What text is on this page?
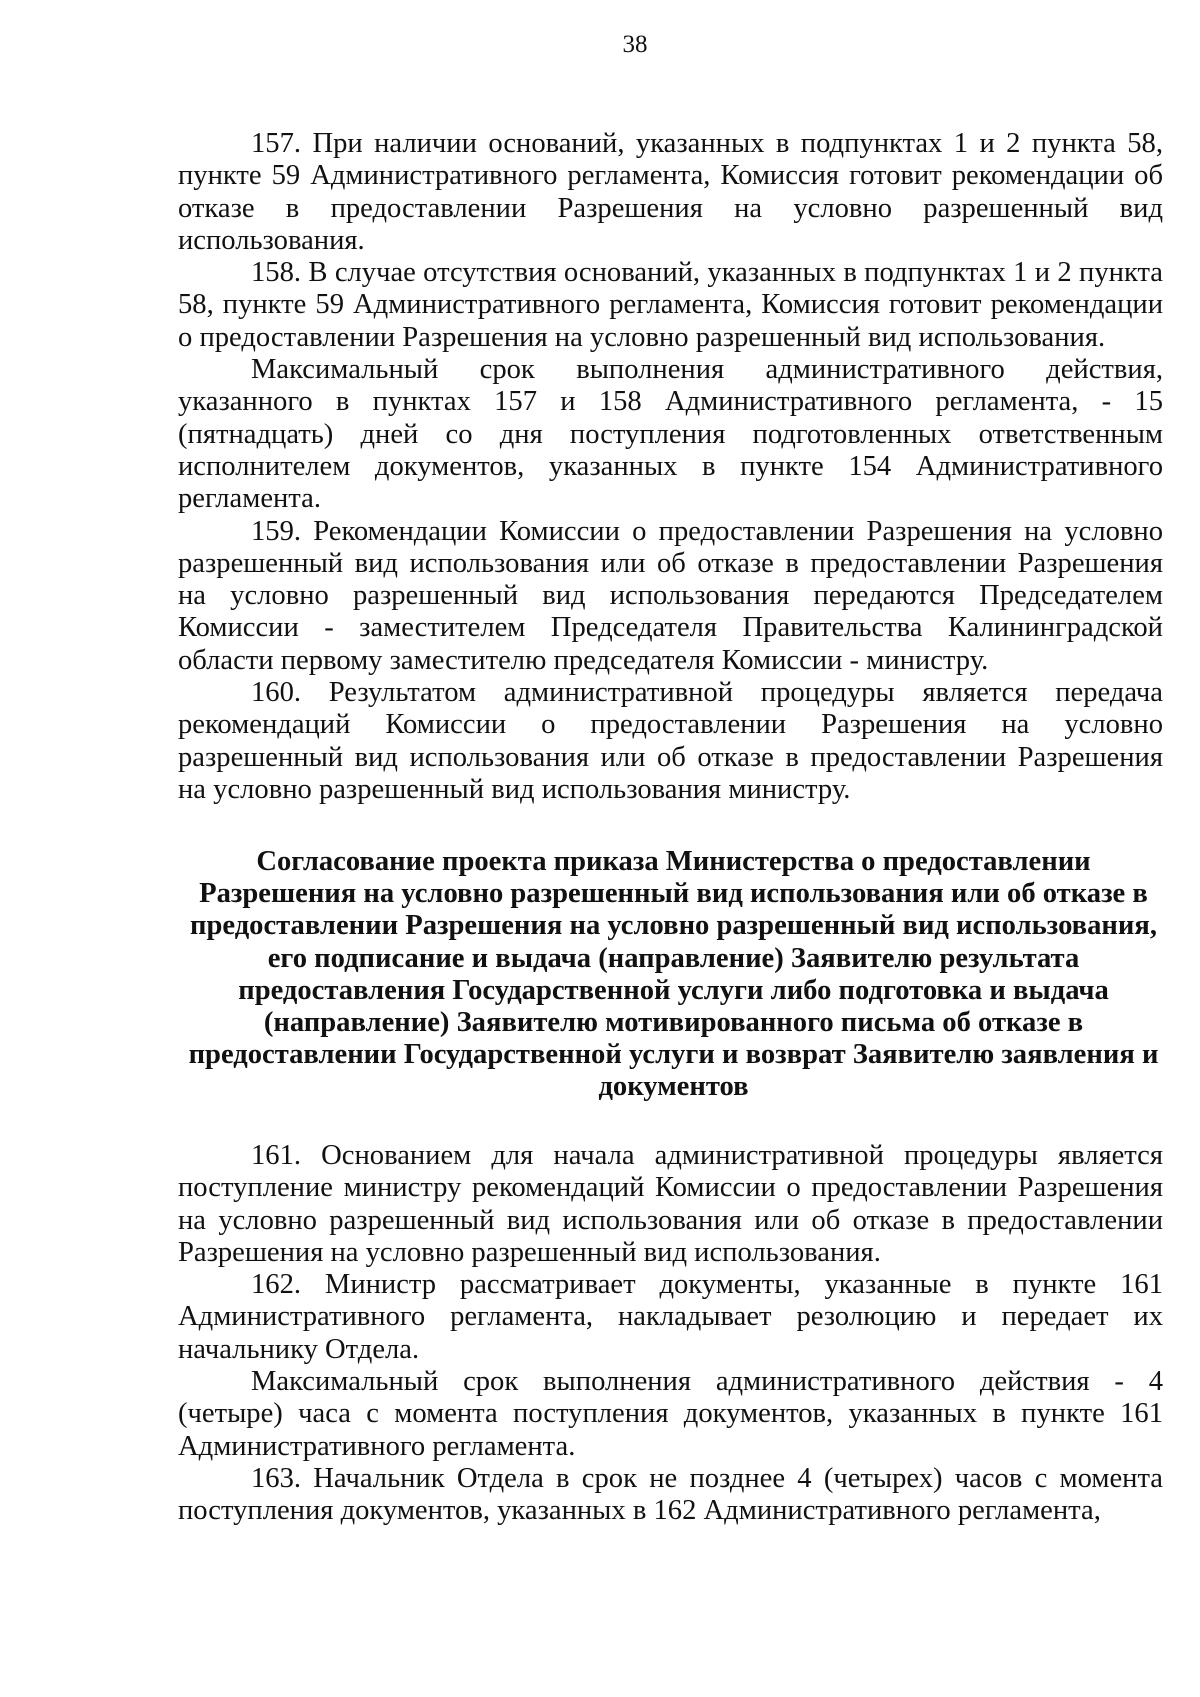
38

157. При наличии оснований, указанных в подпунктах 1 и 2 пункта 58, пункте 59 Административного регламента, Комиссия готовит рекомендации об отказе в предоставлении Разрешения на условно разрешенный вид использования.

158. В случае отсутствия оснований, указанных в подпунктах 1 и 2 пункта 58, пункте 59 Административного регламента, Комиссия готовит рекомендации о предоставлении Разрешения на условно разрешенный вид использования.

Максимальный срок выполнения административного действия, указанного в пунктах 157 и 158 Административного регламента, - 15 (пятнадцать) дней со дня поступления подготовленных ответственным исполнителем документов, указанных в пункте 154 Административного регламента.

159. Рекомендации Комиссии о предоставлении Разрешения на условно разрешенный вид использования или об отказе в предоставлении Разрешения на условно разрешенный вид использования передаются Председателем Комиссии - заместителем Председателя Правительства Калининградской области первому заместителю председателя Комиссии - министру.

160. Результатом административной процедуры является передача рекомендаций Комиссии о предоставлении Разрешения на условно разрешенный вид использования или об отказе в предоставлении Разрешения на условно разрешенный вид использования министру.

Согласование проекта приказа Министерства о предоставлении Разрешения на условно разрешенный вид использования или об отказе в предоставлении Разрешения на условно разрешенный вид использования, его подписание и выдача (направление) Заявителю результата предоставления Государственной услуги либо подготовка и выдача (направление) Заявителю мотивированного письма об отказе в предоставлении Государственной услуги и возврат Заявителю заявления и документов

161. Основанием для начала административной процедуры является поступление министру рекомендаций Комиссии о предоставлении Разрешения на условно разрешенный вид использования или об отказе в предоставлении Разрешения на условно разрешенный вид использования.

162. Министр рассматривает документы, указанные в пункте 161 Административного регламента, накладывает резолюцию и передает их начальнику Отдела.

Максимальный срок выполнения административного действия - 4 (четыре) часа с момента поступления документов, указанных в пункте 161 Административного регламента.

163. Начальник Отдела в срок не позднее 4 (четырех) часов с момента поступления документов, указанных в 162 Административного регламента,
